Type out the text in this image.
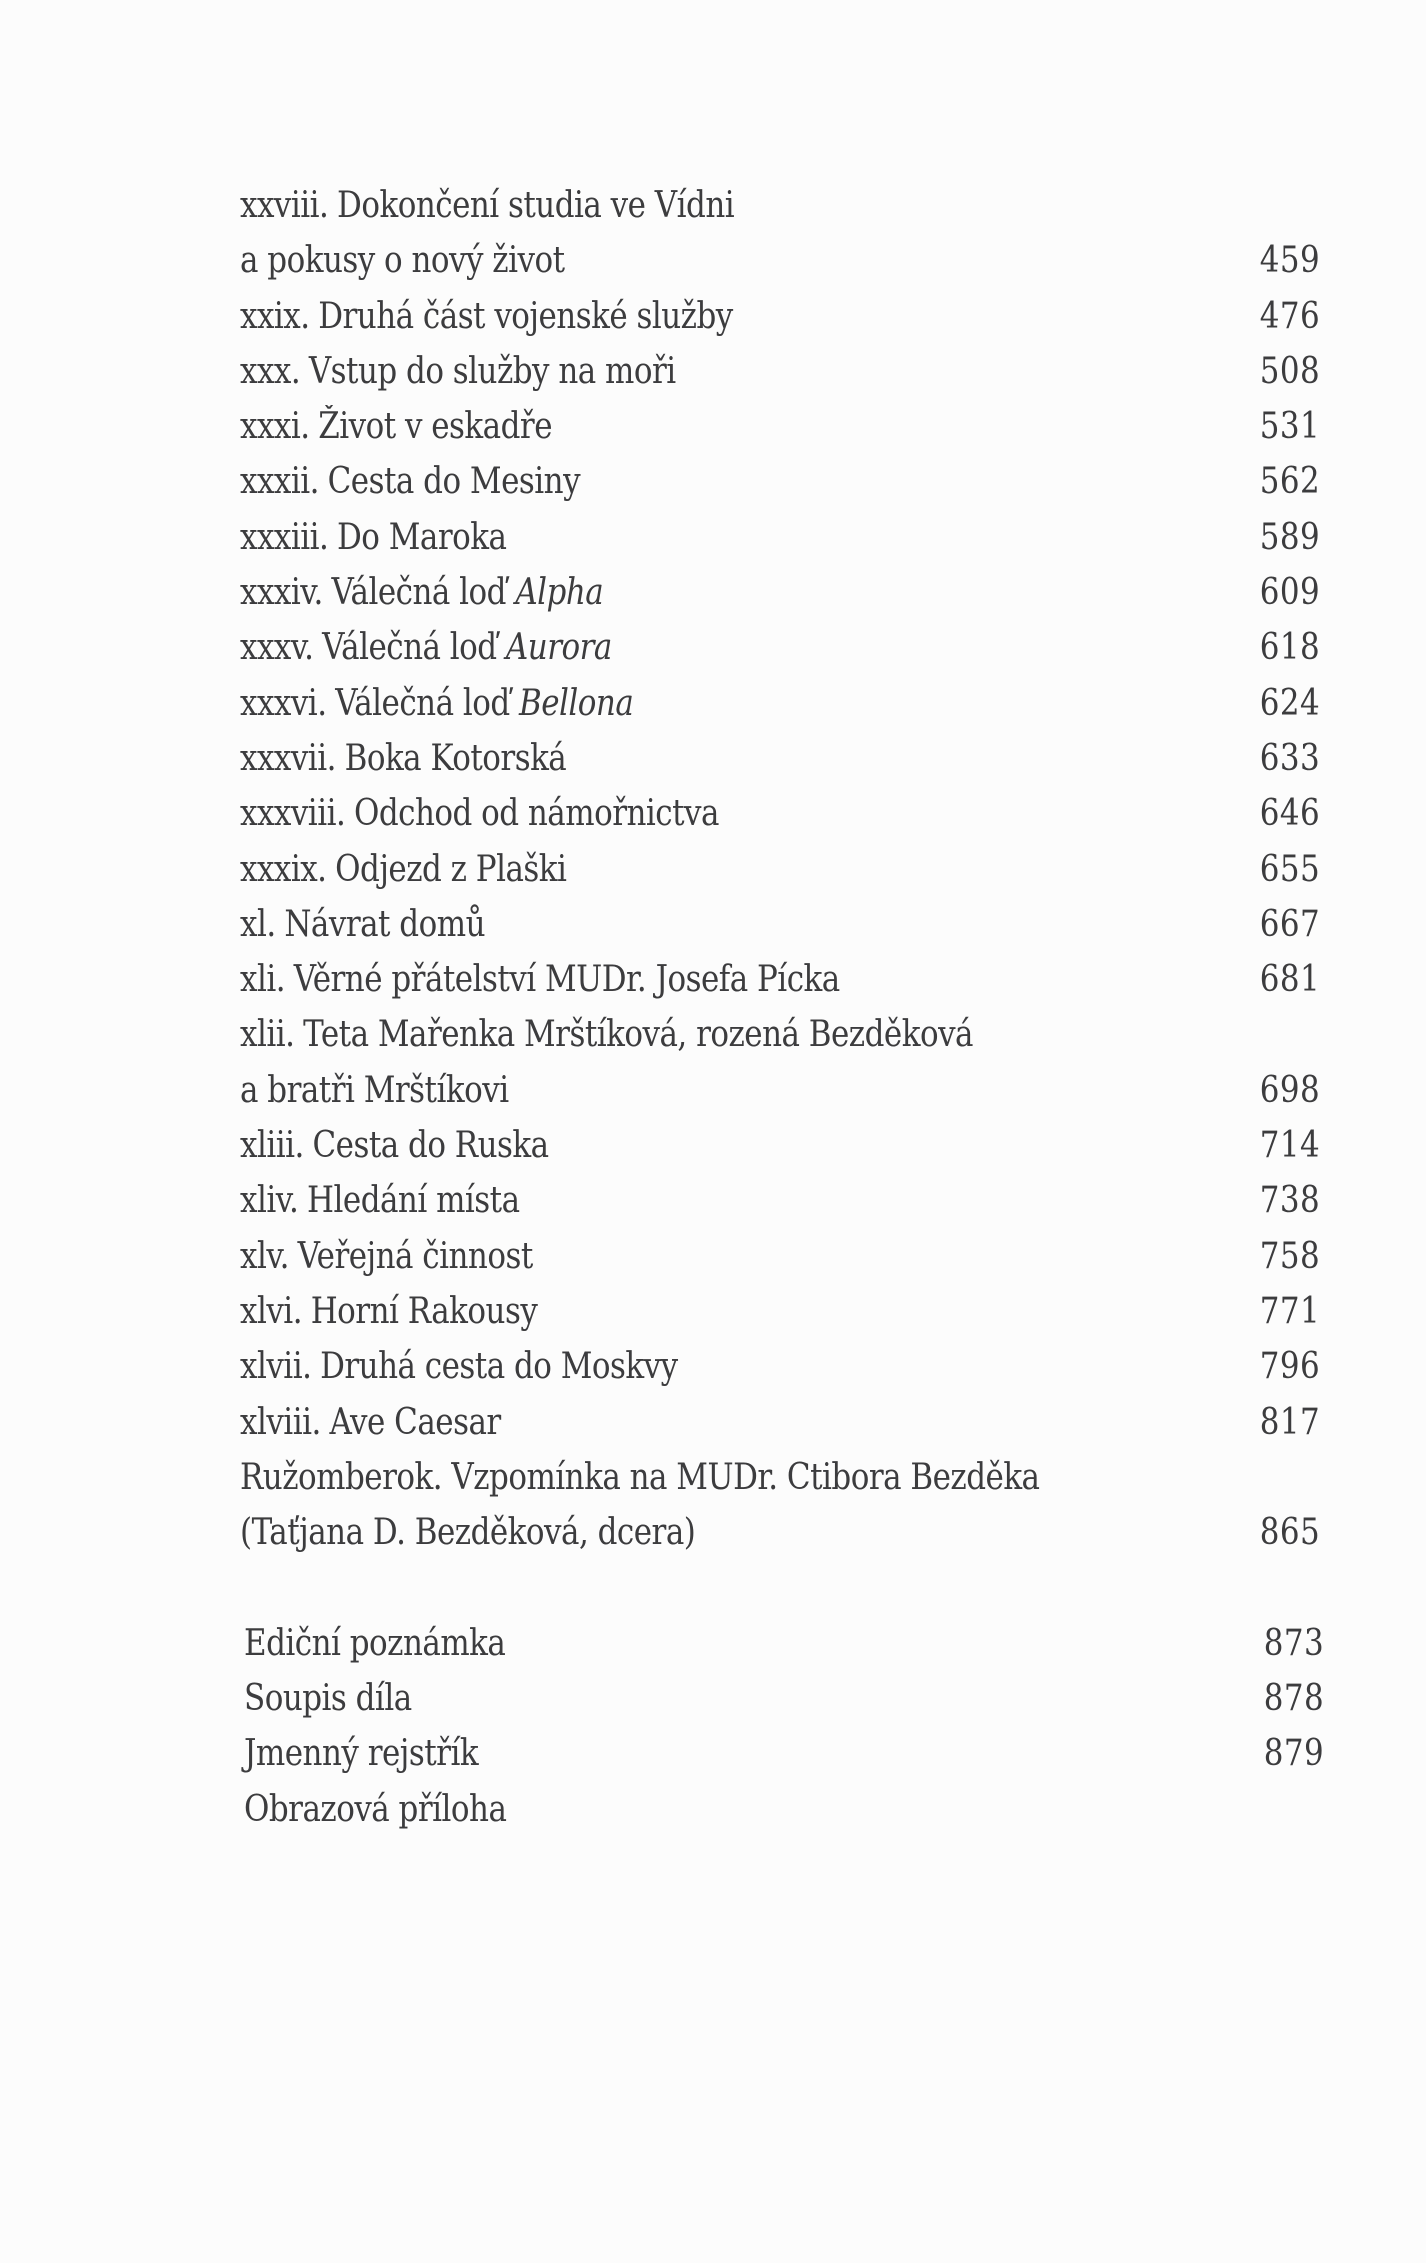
xxviii. Dokončení studia ve Vídni
a pokusy o nový život	459
xxix. Druhá část vojenské služby	476
xxx. Vstup do služby na moři	508
xxxi. Život v eskadře	531
xxxii. Cesta do Mesiny	562
xxxiii. Do Maroka	589
xxxiv. Válečná loď Alpha	609
xxxv. Válečná loď Aurora	618
xxxvi. Válečná loď Bellona	624
xxxvii. Boka Kotorská	633
xxxviii. Odchod od námořnictva	646
xxxix. Odjezd z Plaški	655
xl. Návrat domů	667
xli. Věrné přátelství MUDr. Josefa Pícka	681
xlii. Teta Mařenka Mrštíková, rozená Bezděková
a bratři Mrštíkovi	698
xliii. Cesta do Ruska	714
xliv. Hledání místa	738
xlv. Veřejná činnost	758
xlvi. Horní Rakousy	771
xlvii. Druhá cesta do Moskvy	796
xlviii. Ave Caesar	817
Ružomberok. Vzpomínka na MUDr. Ctibora Bezděka
(Taťjana D. Bezděková, dcera)	865
Ediční poznámka	873
Soupis díla	878
Jmenný rejstřík	879
Obrazová příloha
